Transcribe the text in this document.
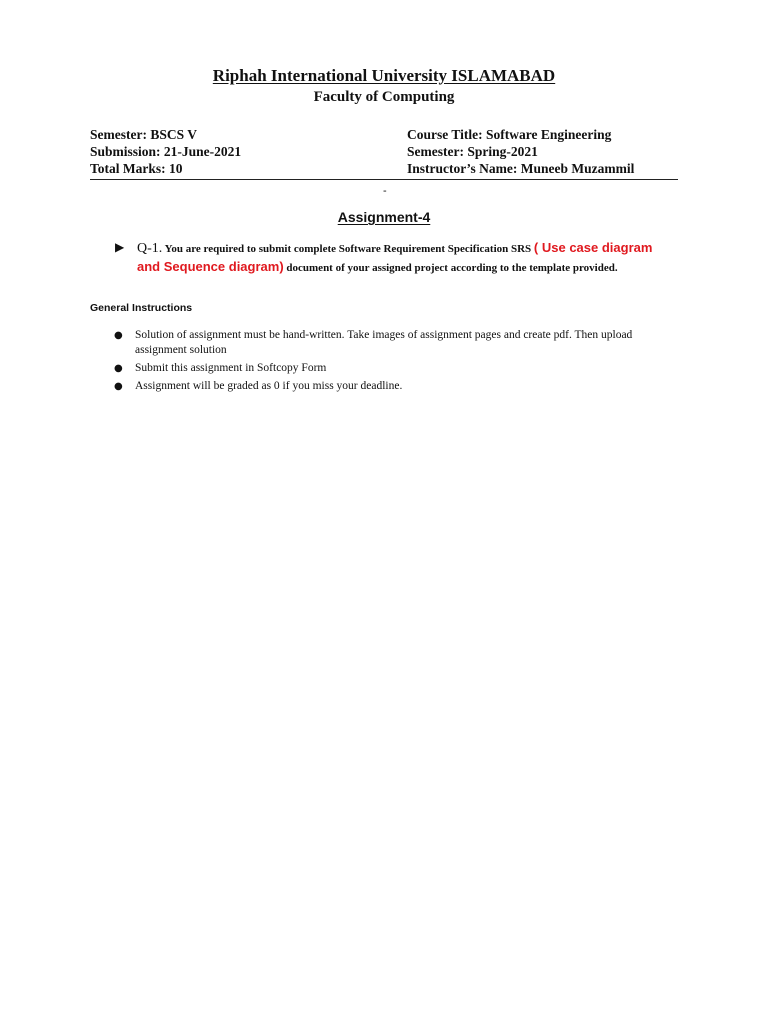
Riphah International University ISLAMABAD
Faculty of Computing
Semester: BSCS V
Submission: 21-June-2021
Total Marks: 10
Course Title: Software Engineering
Semester: Spring-2021
Instructor’s Name: Muneeb Muzammil
-
Assignment-4
▶ Q-1. You are required to submit complete Software Requirement Specification SRS ( Use case diagram and Sequence diagram) document of your assigned project according to the template provided.
General Instructions
● Solution of assignment must be hand-written. Take images of assignment pages and create pdf. Then upload assignment solution
● Submit this assignment in Softcopy Form
● Assignment will be graded as 0 if you miss your deadline.
